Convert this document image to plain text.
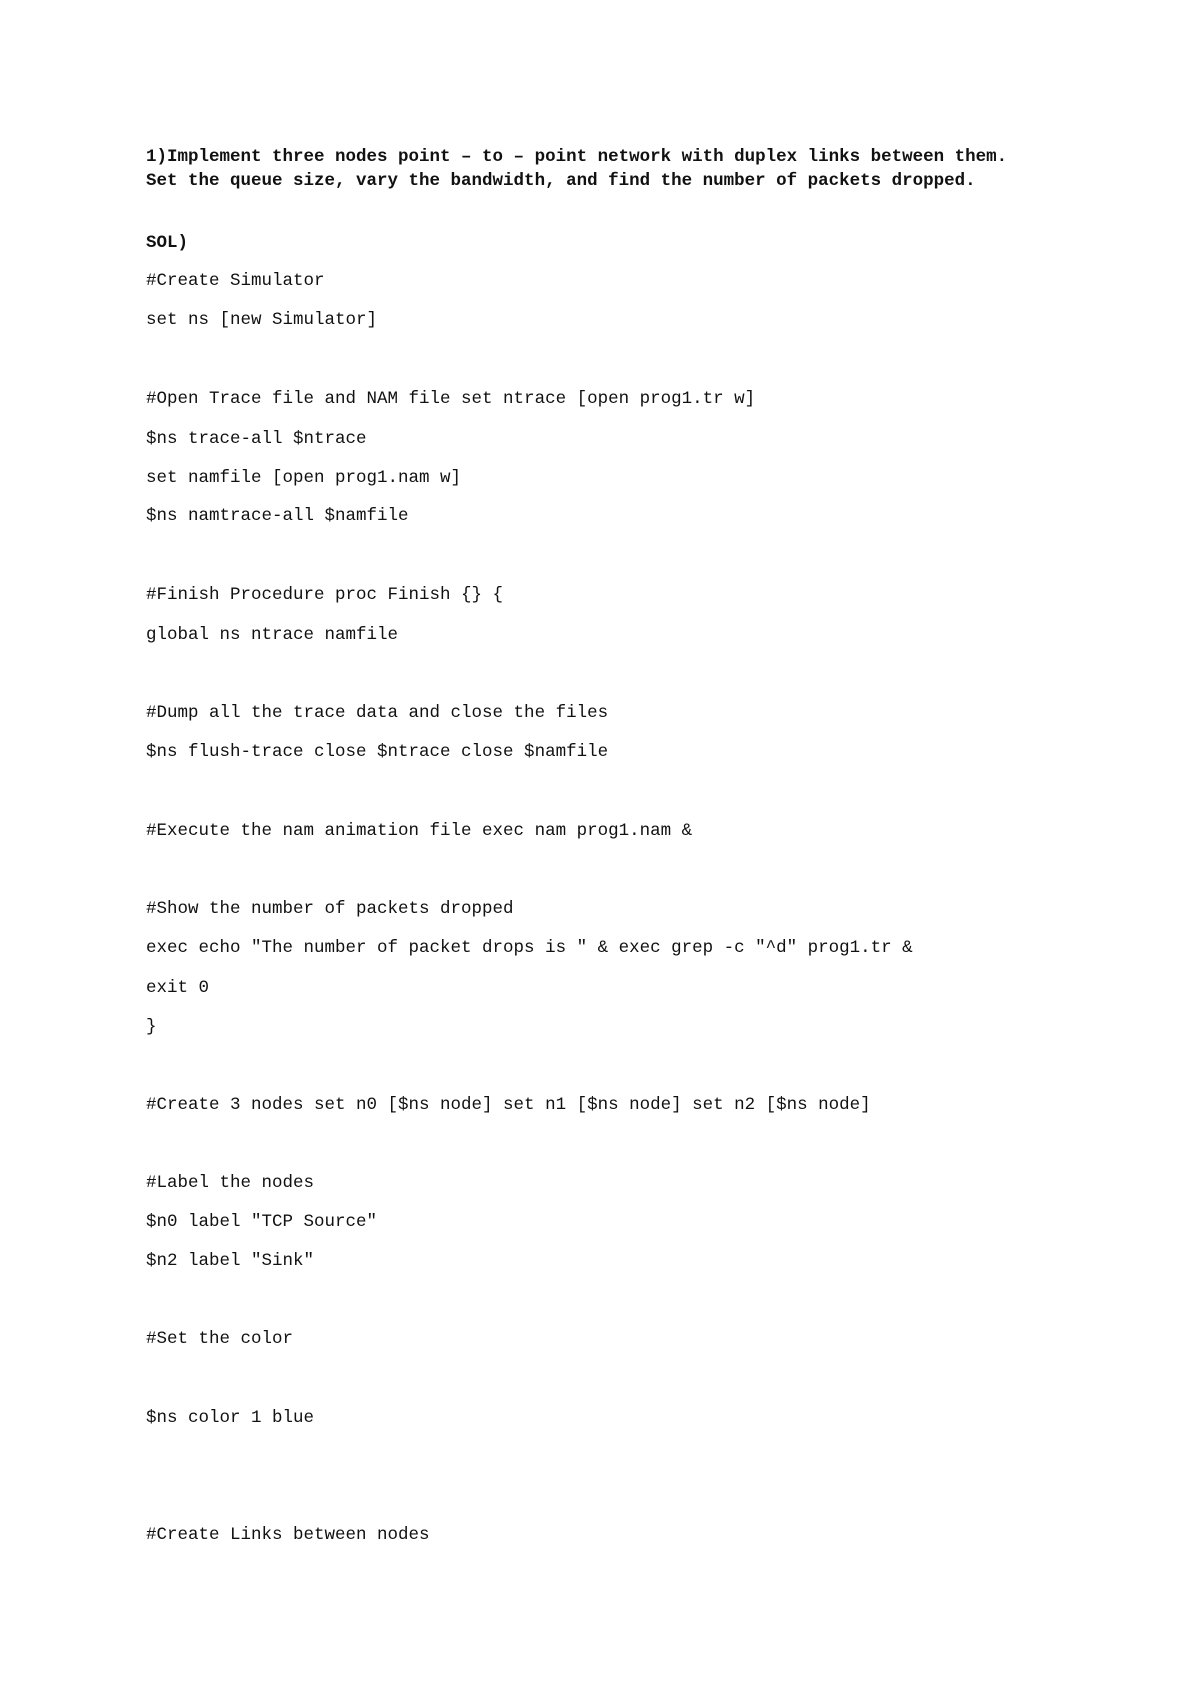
1)Implement three nodes point – to – point network with duplex links between them. Set the queue size, vary the bandwidth, and find the number of packets dropped.

SOL)

#Create Simulator

set ns [new Simulator]

#Open Trace file and NAM file set ntrace [open prog1.tr w]

$ns trace-all $ntrace

set namfile [open prog1.nam w]

$ns namtrace-all $namfile

#Finish Procedure proc Finish {} {

global ns ntrace namfile

#Dump all the trace data and close the files

$ns flush-trace close $ntrace close $namfile

#Execute the nam animation file exec nam prog1.nam &

#Show the number of packets dropped

exec echo "The number of packet drops is " & exec grep -c "^d" prog1.tr &

exit 0

}

#Create 3 nodes set n0 [$ns node] set n1 [$ns node] set n2 [$ns node]

#Label the nodes

$n0 label "TCP Source"

$n2 label "Sink"

#Set the color

$ns color 1 blue

#Create Links between nodes
